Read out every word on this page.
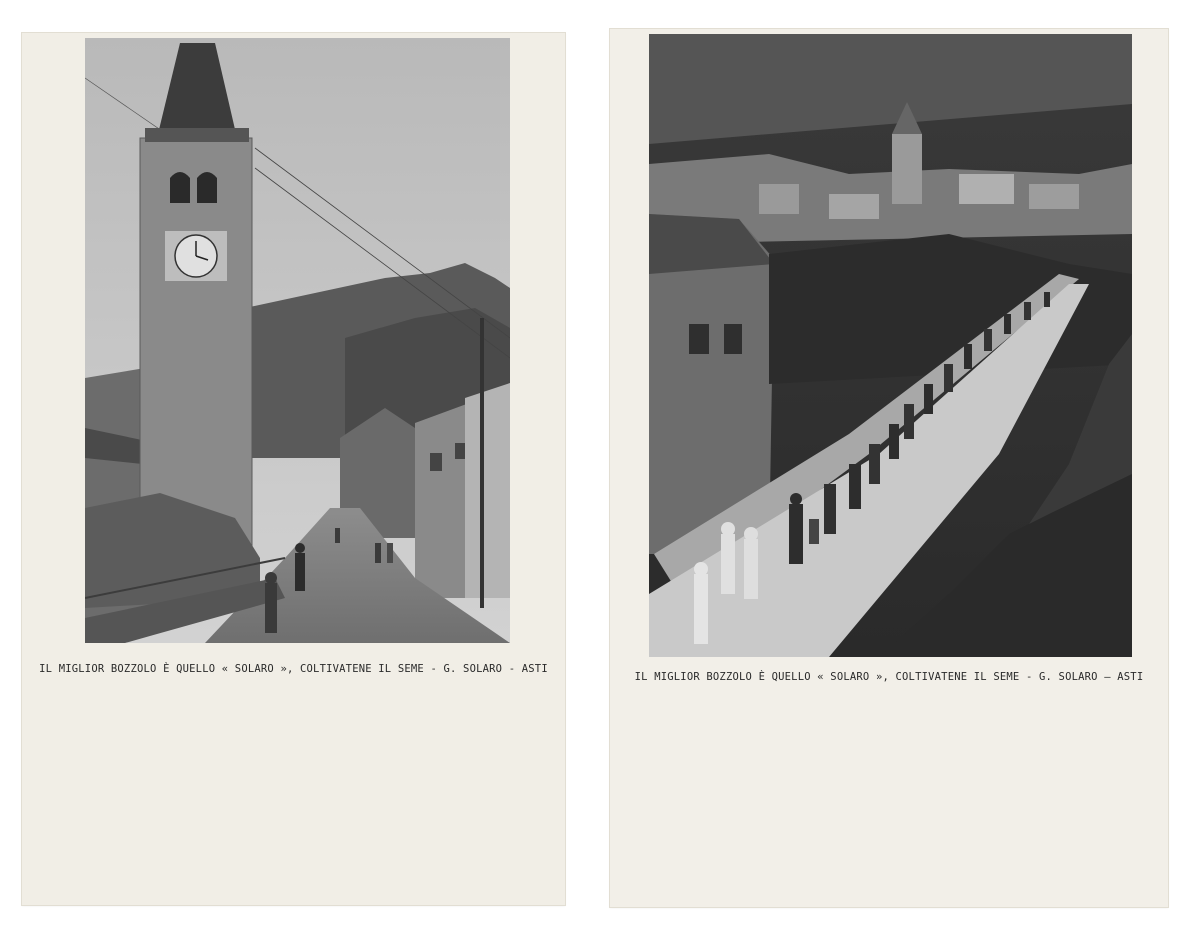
IL MIGLIOR BOZZOLO È QUELLO « SOLARO », COLTIVATENE IL SEME - G. SOLARO - ASTI
IL MIGLIOR BOZZOLO È QUELLO « SOLARO », COLTIVATENE IL SEME - G. SOLARO — ASTI
